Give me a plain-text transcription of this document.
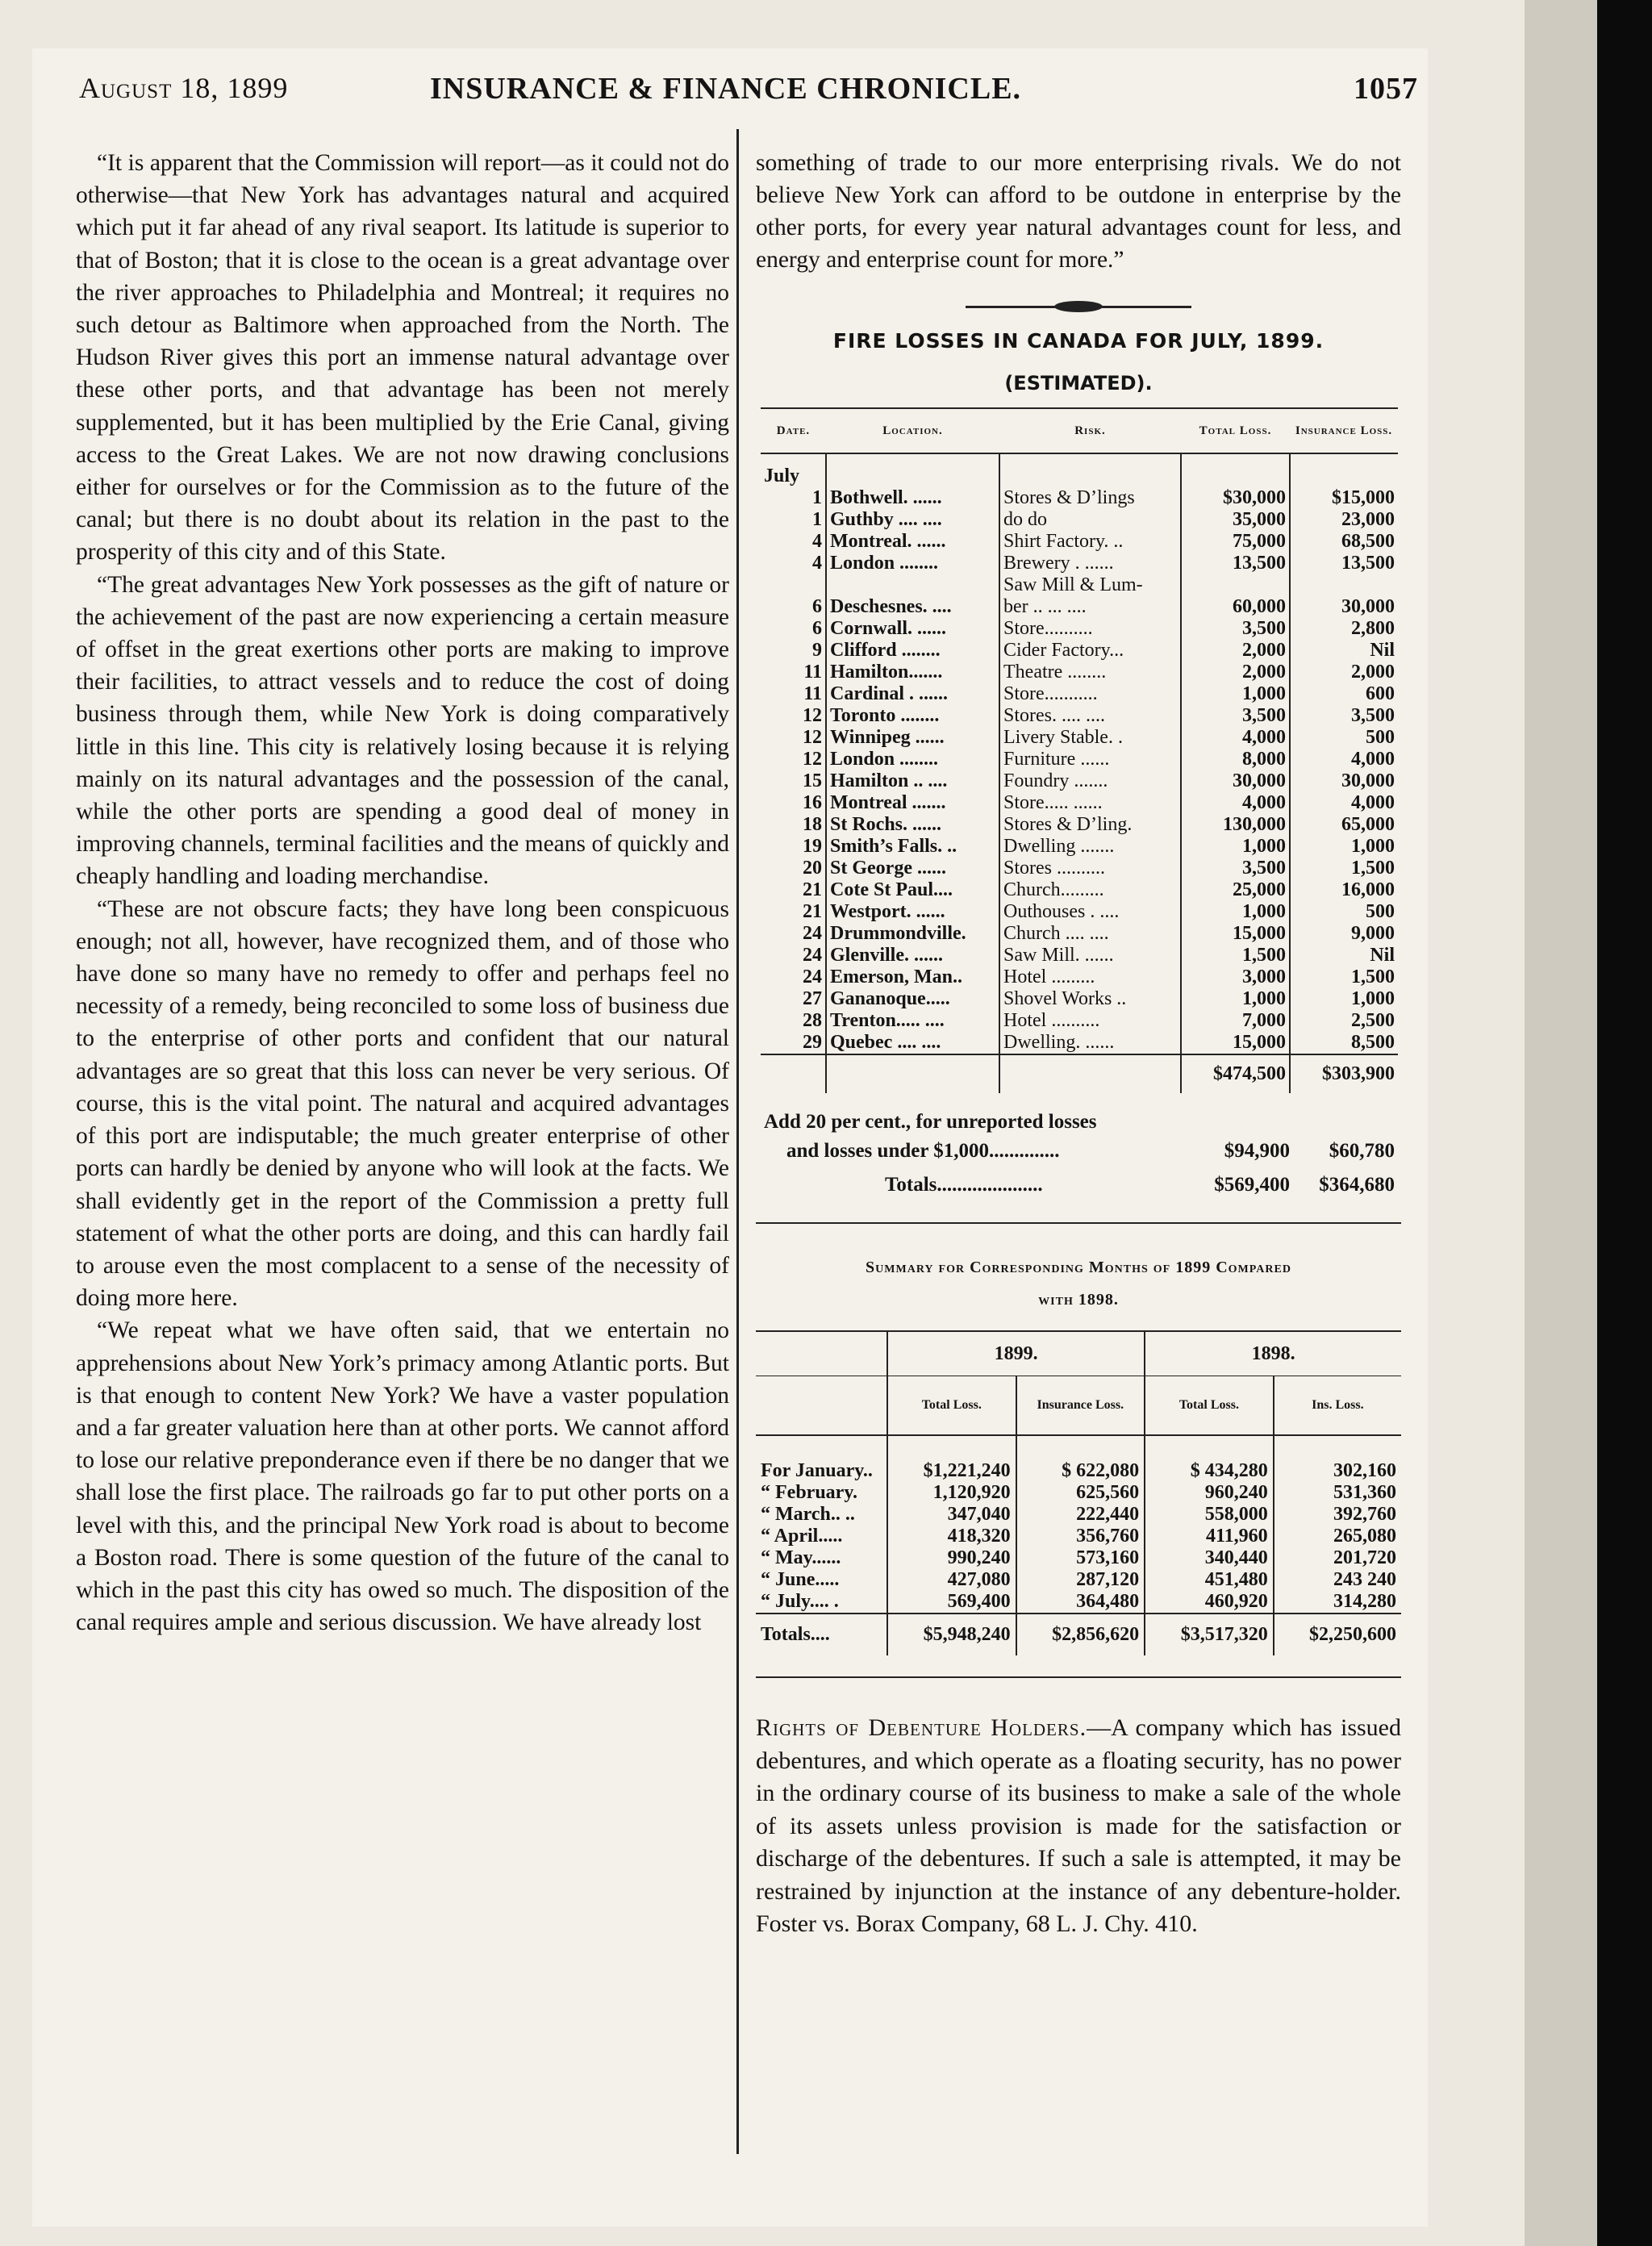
August 18, 1899	INSURANCE & FINANCE CHRONICLE.	1057

“It is apparent that the Commission will report—as it could not do otherwise—that New York has advantages natural and acquired which put it far ahead of any rival seaport. Its latitude is superior to that of Boston; that it is close to the ocean is a great advantage over the river approaches to Philadelphia and Montreal; it requires no such detour as Baltimore when approached from the North. The Hudson River gives this port an immense natural advantage over these other ports, and that advantage has been not merely supplemented, but it has been multiplied by the Erie Canal, giving access to the Great Lakes. We are not now drawing conclusions either for ourselves or for the Commission as to the future of the canal; but there is no doubt about its relation in the past to the prosperity of this city and of this State.

“The great advantages New York possesses as the gift of nature or the achievement of the past are now experiencing a certain measure of offset in the great exertions other ports are making to improve their facilities, to attract vessels and to reduce the cost of doing business through them, while New York is doing comparatively little in this line. This city is relatively losing because it is relying mainly on its natural advantages and the possession of the canal, while the other ports are spending a good deal of money in improving channels, terminal facilities and the means of quickly and cheaply handling and loading merchandise.

“These are not obscure facts; they have long been conspicuous enough; not all, however, have recognized them, and of those who have done so many have no remedy to offer and perhaps feel no necessity of a remedy, being reconciled to some loss of business due to the enterprise of other ports and confident that our natural advantages are so great that this loss can never be very serious. Of course, this is the vital point. The natural and acquired advantages of this port are indisputable; the much greater enterprise of other ports can hardly be denied by anyone who will look at the facts. We shall evidently get in the report of the Commission a pretty full statement of what the other ports are doing, and this can hardly fail to arouse even the most complacent to a sense of the necessity of doing more here.

“We repeat what we have often said, that we entertain no apprehensions about New York’s primacy among Atlantic ports. But is that enough to content New York? We have a vaster population and a far greater valuation here than at other ports. We cannot afford to lose our relative preponderance even if there be no danger that we shall lose the first place. The railroads go far to put other ports on a level with this, and the principal New York road is about to become a Boston road. There is some question of the future of the canal to which in the past this city has owed so much. The disposition of the canal requires ample and serious discussion. We have already lost

something of trade to our more enterprising rivals. We do not believe New York can afford to be outdone in enterprise by the other ports, for every year natural advantages count for less, and energy and enterprise count for more.”

FIRE LOSSES IN CANADA FOR JULY, 1899.
(ESTIMATED).
Date.	Location.	Risk.	Total Loss.	Insurance Loss.
July				
1	Bothwell. ......	Stores & D’lings	$30,000	$15,000
1	Guthby .... ....	do do	35,000	23,000
4	Montreal. ......	Shirt Factory. ..	75,000	68,500
4	London ........	Brewery . ......	13,500	13,500
		Saw Mill & Lum-		
6	Deschesnes. ....	ber .. ... ....	60,000	30,000
6	Cornwall. ......	Store..........	3,500	2,800
9	Clifford ........	Cider Factory...	2,000	Nil
11	Hamilton.......	Theatre ........	2,000	2,000
11	Cardinal . ......	Store...........	1,000	600
12	Toronto ........	Stores. .... ....	3,500	3,500
12	Winnipeg ......	Livery Stable. .	4,000	500
12	London ........	Furniture ......	8,000	4,000
15	Hamilton .. ....	Foundry .......	30,000	30,000
16	Montreal .......	Store..... ......	4,000	4,000
18	St Rochs. ......	Stores & D’ling.	130,000	65,000
19	Smith’s Falls. ..	Dwelling .......	1,000	1,000
20	St George ......	Stores ..........	3,500	1,500
21	Cote St Paul....	Church.........	25,000	16,000
21	Westport. ......	Outhouses . ....	1,000	500
24	Drummondville.	Church .... ....	15,000	9,000
24	Glenville. ......	Saw Mill. ......	1,500	Nil
24	Emerson, Man..	Hotel .........	3,000	1,500
27	Gananoque.....	Shovel Works ..	1,000	1,000
28	Trenton..... ....	Hotel ..........	7,000	2,500
29	Quebec .... ....	Dwelling. ......	15,000	8,500
			$474,500	$303,900
Add 20 per cent., for unreported losses
and losses under $1,000..............	$94,900 $60,780
Totals.....................	$569,400 $364,680
Summary for Corresponding Months of 1899 Compared
with 1898.
	1899.		1898.	
	Total Loss.	Insurance Loss.	Total Loss.	Ins. Loss.
For January..	$1,221,240	$ 622,080	$ 434,280	302,160
“ February.	1,120,920	625,560	960,240	531,360
“ March.. ..	347,040	222,440	558,000	392,760
“ April.....	418,320	356,760	411,960	265,080
“ May......	990,240	573,160	340,440	201,720
“ June.....	427,080	287,120	451,480	243 240
“ July.... .	569,400	364,480	460,920	314,280
Totals....	$5,948,240	$2,856,620	$3,517,320	$2,250,600

Rights of Debenture Holders.—A company which has issued debentures, and which operate as a floating security, has no power in the ordinary course of its business to make a sale of the whole of its assets unless provision is made for the satisfaction or discharge of the debentures. If such a sale is attempted, it may be restrained by injunction at the instance of any debenture-holder. Foster vs. Borax Company, 68 L. J. Chy. 410.
